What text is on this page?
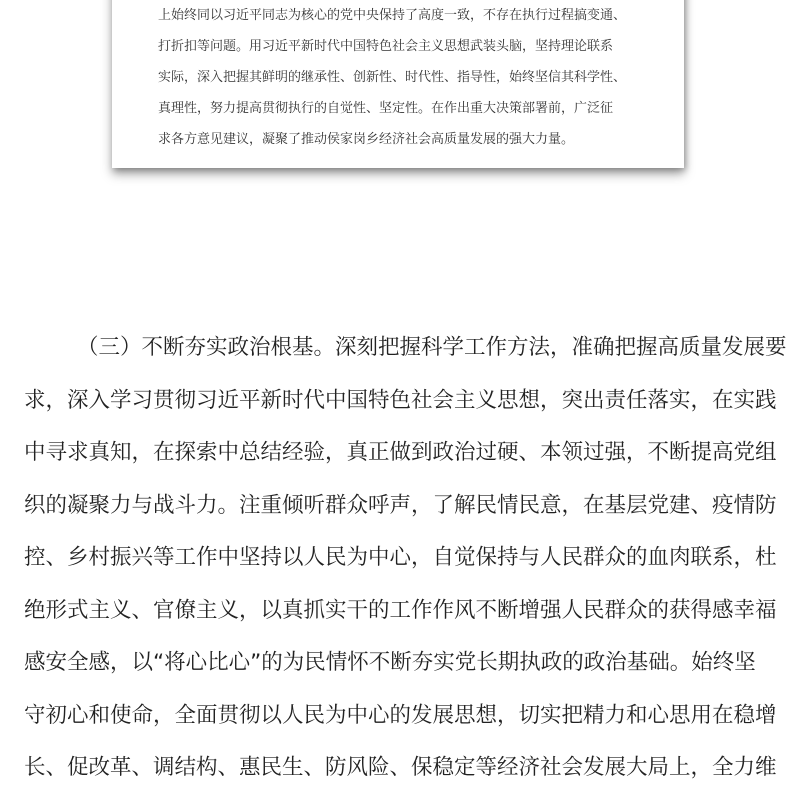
上始终同以习近平同志为核心的党中央保持了高度一致，不存在执行过程搞变通、
打折扣等问题。用习近平新时代中国特色社会主义思想武装头脑，坚持理论联系
实际，深入把握其鲜明的继承性、创新性、时代性、指导性，始终坚信其科学性、
真理性，努力提高贯彻执行的自觉性、坚定性。在作出重大决策部署前，广泛征
求各方意见建议，凝聚了推动侯家岗乡经济社会高质量发展的强大力量。
（三）不断夯实政治根基。深刻把握科学工作方法，准确把握高质量发展要
求，深入学习贯彻习近平新时代中国特色社会主义思想，突出责任落实，在实践
中寻求真知，在探索中总结经验，真正做到政治过硬、本领过强，不断提高党组
织的凝聚力与战斗力。注重倾听群众呼声，了解民情民意，在基层党建、疫情防
控、乡村振兴等工作中坚持以人民为中心，自觉保持与人民群众的血肉联系，杜
绝形式主义、官僚主义，以真抓实干的工作作风不断增强人民群众的获得感幸福
感安全感，以“将心比心”的为民情怀不断夯实党长期执政的政治基础。始终坚
守初心和使命，全面贯彻以人民为中心的发展思想，切实把精力和心思用在稳增
长、促改革、调结构、惠民生、防风险、保稳定等经济社会发展大局上，全力维
